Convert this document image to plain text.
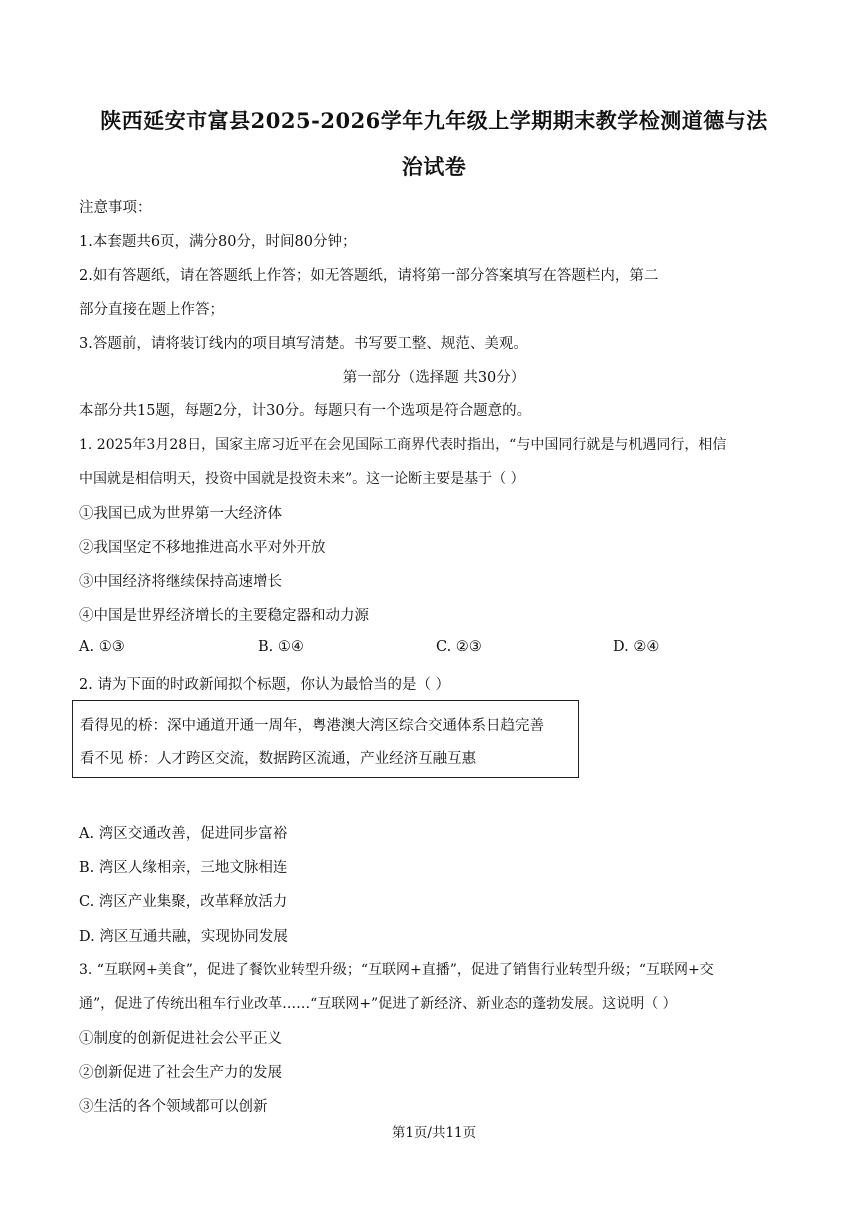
陕西延安市富县2025-2026学年九年级上学期期末教学检测道德与法
治试卷
注意事项：
1.本套题共6页，满分80分，时间80分钟；
2.如有答题纸，请在答题纸上作答；如无答题纸，请将第一部分答案填写在答题栏内，第二
部分直接在题上作答；
3.答题前，请将装订线内的项目填写清楚。书写要工整、规范、美观。
第一部分（选择题 共30分）
本部分共15题，每题2分，计30分。每题只有一个选项是符合题意的。
1. 2025年3月28日，国家主席习近平在会见国际工商界代表时指出，“与中国同行就是与机遇同行，相信
中国就是相信明天，投资中国就是投资未来”。这一论断主要是基于（ ）
①我国已成为世界第一大经济体
②我国坚定不移地推进高水平对外开放
③中国经济将继续保持高速增长
④中国是世界经济增长的主要稳定器和动力源
A. ①③	B. ①④	C. ②③	D. ②④
2. 请为下面的时政新闻拟个标题，你认为最恰当的是（ ）
看得见的桥：深中通道开通一周年，粤港澳大湾区综合交通体系日趋完善
看不见 桥：人才跨区交流，数据跨区流通，产业经济互融互惠
A. 湾区交通改善，促进同步富裕
B. 湾区人缘相亲，三地文脉相连
C. 湾区产业集聚，改革释放活力
D. 湾区互通共融，实现协同发展
3. “互联网+美食”，促进了餐饮业转型升级；“互联网+直播”，促进了销售行业转型升级；“互联网+交
通”，促进了传统出租车行业改革……“互联网+”促进了新经济、新业态的蓬勃发展。这说明（ ）
①制度的创新促进社会公平正义
②创新促进了社会生产力的发展
③生活的各个领域都可以创新
第1页/共11页
